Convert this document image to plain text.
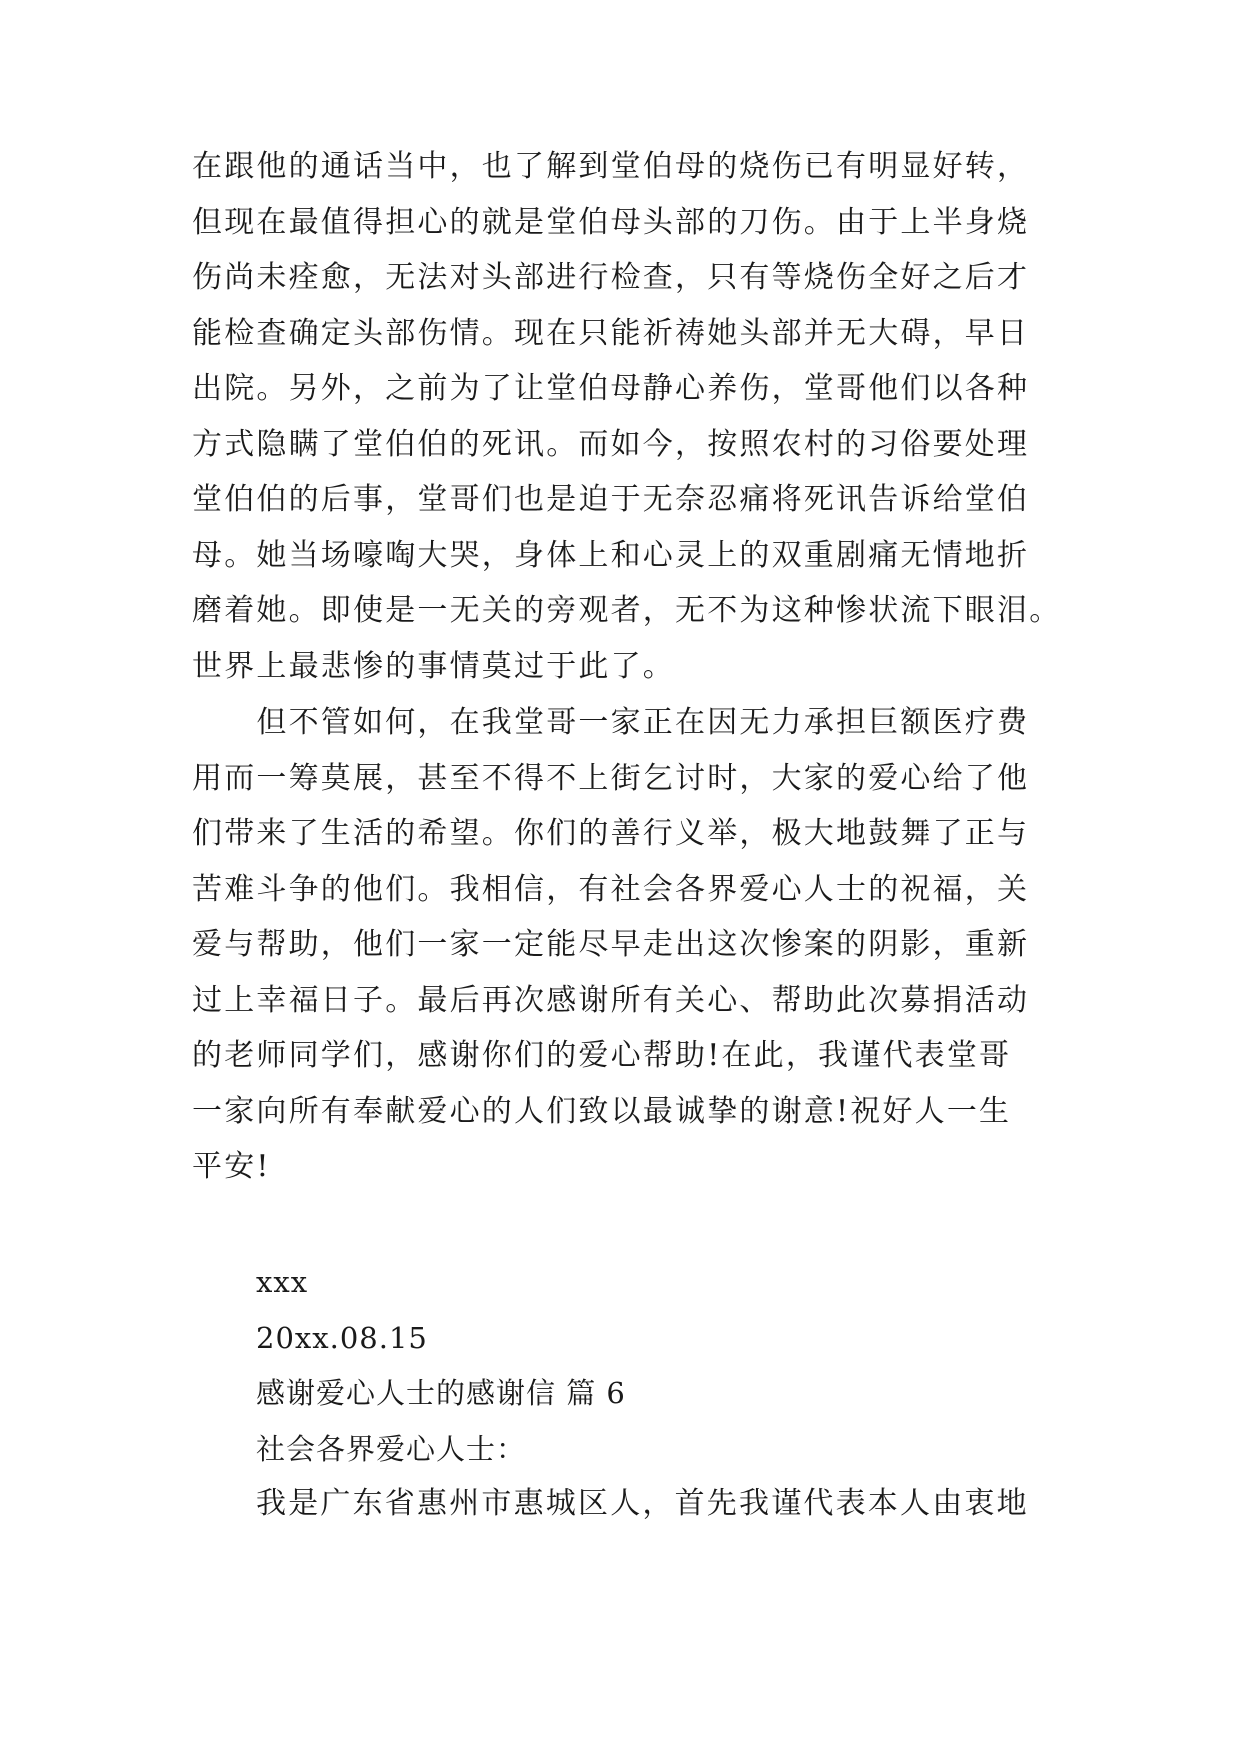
在跟他的通话当中，也了解到堂伯母的烧伤已有明显好转，
但现在最值得担心的就是堂伯母头部的刀伤。由于上半身烧
伤尚未痊愈，无法对头部进行检查，只有等烧伤全好之后才
能检查确定头部伤情。现在只能祈祷她头部并无大碍，早日
出院。另外，之前为了让堂伯母静心养伤，堂哥他们以各种
方式隐瞒了堂伯伯的死讯。而如今，按照农村的习俗要处理
堂伯伯的后事，堂哥们也是迫于无奈忍痛将死讯告诉给堂伯
母。她当场嚎啕大哭，身体上和心灵上的双重剧痛无情地折
磨着她。即使是一无关的旁观者，无不为这种惨状流下眼泪。
世界上最悲惨的事情莫过于此了。
　　但不管如何，在我堂哥一家正在因无力承担巨额医疗费
用而一筹莫展，甚至不得不上街乞讨时，大家的爱心给了他
们带来了生活的希望。你们的善行义举，极大地鼓舞了正与
苦难斗争的他们。我相信，有社会各界爱心人士的祝福，关
爱与帮助，他们一家一定能尽早走出这次惨案的阴影，重新
过上幸福日子。最后再次感谢所有关心、帮助此次募捐活动
的老师同学们，感谢你们的爱心帮助!在此，我谨代表堂哥
一家向所有奉献爱心的人们致以最诚挚的谢意!祝好人一生
平安!
xxx
20xx.08.15
感谢爱心人士的感谢信 篇 6
社会各界爱心人士：
我是广东省惠州市惠城区人，首先我谨代表本人由衷地
